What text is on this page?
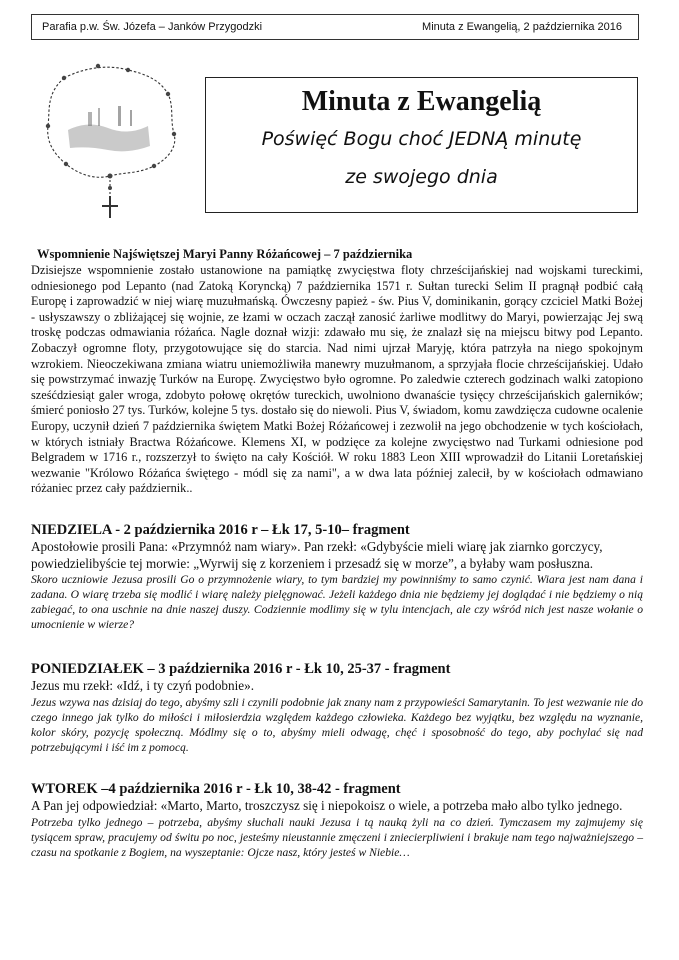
Parafia p.w. Św. Józefa – Janków Przygodzki	Minuta z Ewangelią, 2 października 2016
Minuta z Ewangelią
Poświęć Bogu choć JEDNĄ minutę
ze swojego dnia
Wspomnienie Najświętszej Maryi Panny Różańcowej – 7 października
Dzisiejsze wspomnienie zostało ustanowione na pamiątkę zwycięstwa floty chrześcijańskiej nad wojskami tureckimi, odniesionego pod Lepanto (nad Zatoką Koryncką) 7 października 1571 r. Sułtan turecki Selim II pragnął podbić całą Europę i zaprowadzić w niej wiarę muzułmańską. Ówczesny papież - św. Pius V, dominikanin, gorący czciciel Matki Bożej - usłyszawszy o zbliżającej się wojnie, ze łzami w oczach zaczął zanosić żarliwe modlitwy do Maryi, powierzając Jej swą troskę podczas odmawiania różańca. Nagle doznał wizji: zdawało mu się, że znalazł się na miejscu bitwy pod Lepanto. Zobaczył ogromne floty, przygotowujące się do starcia. Nad nimi ujrzał Maryję, która patrzyła na niego spokojnym wzrokiem. Nieoczekiwana zmiana wiatru uniemożliwiła manewry muzułmanom, a sprzyjała flocie chrześcijańskiej. Udało się powstrzymać inwazję Turków na Europę. Zwycięstwo było ogromne. Po zaledwie czterech godzinach walki zatopiono sześćdziesiąt galer wroga, zdobyto połowę okrętów tureckich, uwolniono dwanaście tysięcy chrześcijańskich galerników; śmierć poniosło 27 tys. Turków, kolejne 5 tys. dostało się do niewoli. Pius V, świadom, komu zawdzięcza cudowne ocalenie Europy, uczynił dzień 7 października świętem Matki Bożej Różańcowej i zezwolił na jego obchodzenie w tych kościołach, w których istniały Bractwa Różańcowe. Klemens XI, w podzięce za kolejne zwycięstwo nad Turkami odniesione pod Belgradem w 1716 r., rozszerzył to święto na cały Kościół. W roku 1883 Leon XIII wprowadził do Litanii Loretańskiej wezwanie "Królowo Różańca świętego - módl się za nami", a w dwa lata później zalecił, by w kościołach odmawiano różaniec przez cały październik..
NIEDZIELA - 2 października 2016 r – Łk 17, 5-10– fragment
Apostołowie prosili Pana: «Przymnóż nam wiary». Pan rzekł: «Gdybyście mieli wiarę jak ziarnko gorczycy, powiedzielibyście tej morwie: „Wyrwij się z korzeniem i przesadź się w morze”, a byłaby wam posłuszna.
Skoro uczniowie Jezusa prosili Go o przymnożenie wiary, to tym bardziej my powinniśmy to samo czynić. Wiara jest nam dana i zadana. O wiarę trzeba się modlić i wiarę należy pielęgnować. Jeżeli każdego dnia nie będziemy jej doglądać i nie będziemy o nią zabiegać, to ona uschnie na dnie naszej duszy. Codziennie modlimy się w tylu intencjach, ale czy wśród nich jest nasze wołanie o umocnienie w wierze?
PONIEDZIAŁEK – 3 października 2016 r - Łk 10, 25-37 - fragment
Jezus mu rzekł: «Idź, i ty czyń podobnie».
Jezus wzywa nas dzisiaj do tego, abyśmy szli i czynili podobnie jak znany nam z przypowieści Samarytanin. To jest wezwanie nie do czego innego jak tylko do miłości i miłosierdzia względem każdego człowieka. Każdego bez wyjątku, bez względu na wyznanie, kolor skóry, pozycję społeczną. Módlmy się o to, abyśmy mieli odwagę, chęć i sposobność do tego, aby pochylać się nad potrzebującymi i iść im z pomocą.
WTOREK –4 października 2016 r - Łk 10, 38-42 - fragment
A Pan jej odpowiedział: «Marto, Marto, troszczysz się i niepokoisz o wiele, a potrzeba mało albo tylko jednego.
Potrzeba tylko jednego – potrzeba, abyśmy słuchali nauki Jezusa i tą nauką żyli na co dzień. Tymczasem my zajmujemy się tysiącem spraw, pracujemy od świtu po noc, jesteśmy nieustannie zmęczeni i zniecierpliwieni i brakuje nam tego najważniejszego – czasu na spotkanie z Bogiem, na wyszeptanie: Ojcze nasz, który jesteś w Niebie…
